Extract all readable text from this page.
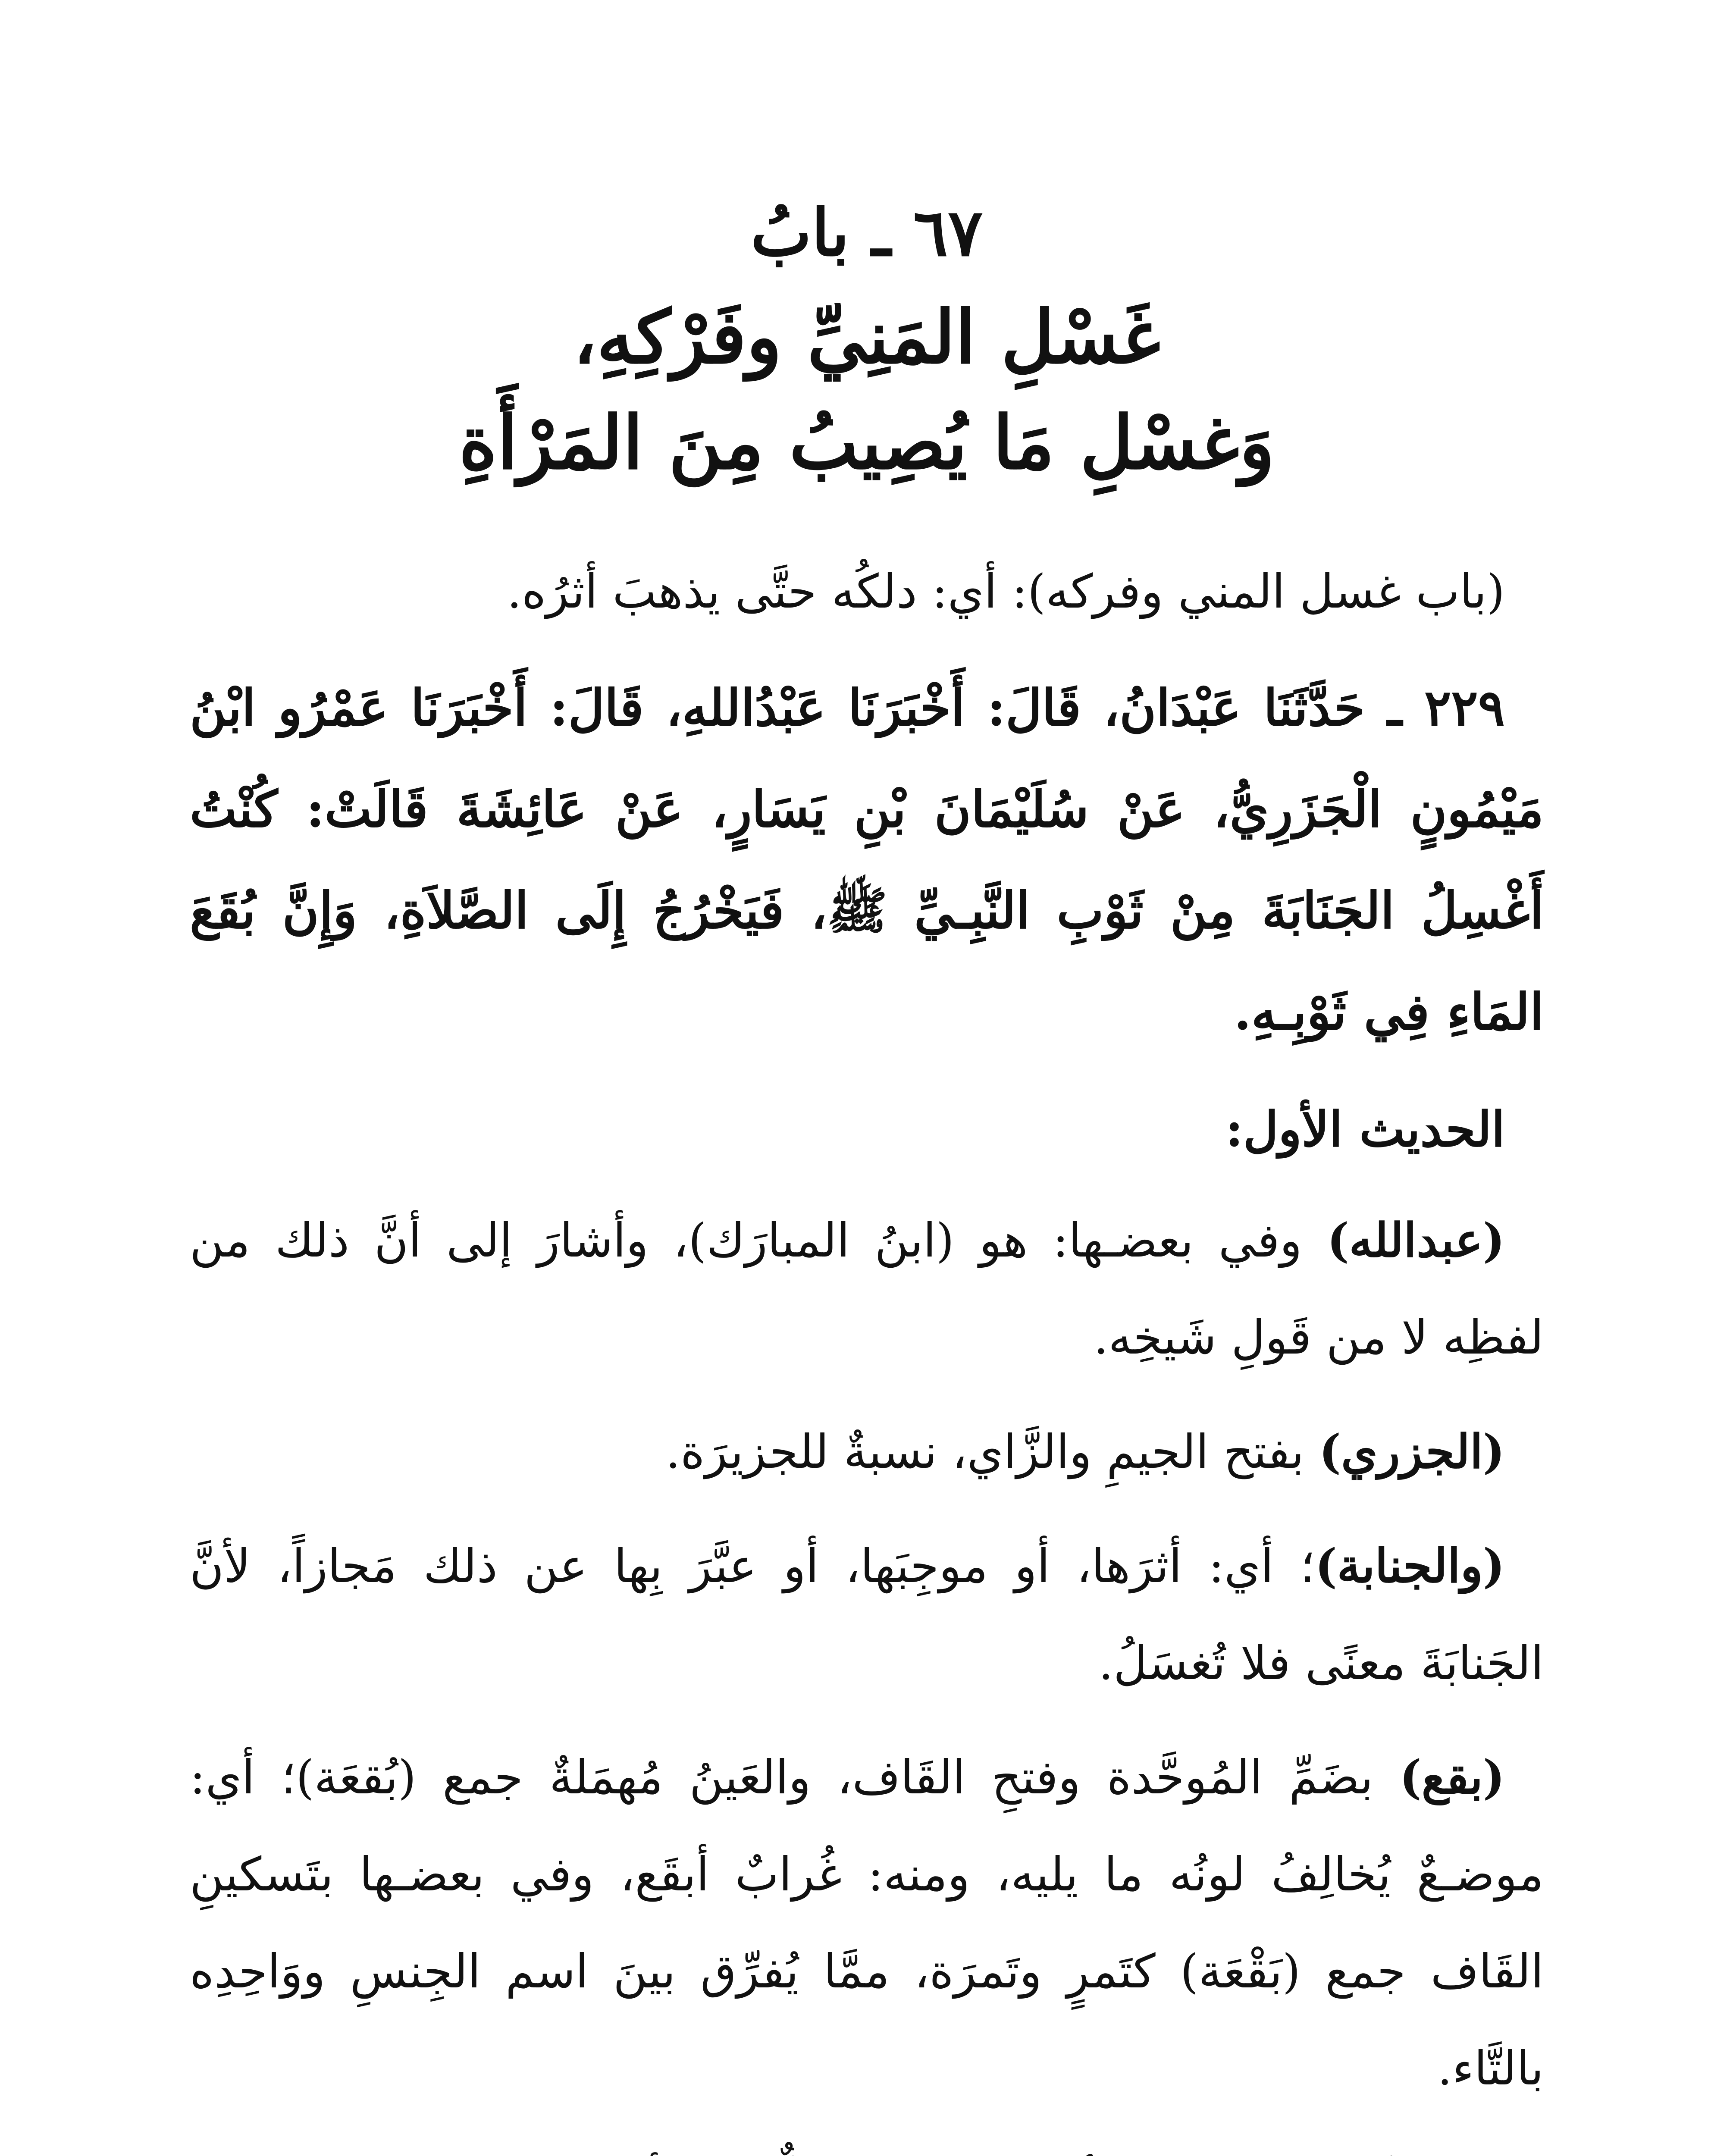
٦٧ ـ بابُ
غَسْلِ المَنِيِّ وفَرْكِهِ،
وَغسْلِ مَا يُصِيبُ مِنَ المَرْأَةِ

(باب غسل المني وفركه): أي: دلكُه حتَّى يذهبَ أثرُه.

٢٢٩ ـ حَدَّثَنَا عَبْدَانُ، قَالَ: أَخْبَرَنَا عَبْدُاللهِ، قَالَ: أَخْبَرَنَا عَمْرُو ابْنُ مَيْمُونٍ الْجَزَرِيُّ، عَنْ سُلَيْمَانَ بْنِ يَسَارٍ، عَنْ عَائِشَةَ قَالَتْ: كُنْتُ أَغْسِلُ الجَنَابَةَ مِنْ ثَوْبِ النَّبِـيِّ ﷺ، فَيَخْرُجُ إِلَى الصَّلاَةِ، وَإِنَّ بُقَعَ المَاءِ فِي ثَوْبِـهِ.

الحديث الأول:

(عبدالله) وفي بعضـها: هو (ابنُ المبارَك)، وأشارَ إلى أنَّ ذلك من لفظِه لا من قَولِ شَيخِه.

(الجزري) بفتح الجيمِ والزَّاي، نسبةٌ للجزيرَة.

(والجنابة)؛ أي: أثرَها، أو موجِبَها، أو عبَّرَ بِها عن ذلك مَجازاً، لأنَّ الجَنابَةَ معنًى فلا تُغسَلُ.

(بقع) بضَمِّ المُوحَّدة وفتحِ القَاف، والعَينُ مُهمَلةٌ جمع (بُقعَة)؛ أي: موضـعٌ يُخالِفُ لونُه ما يليه، ومنه: غُرابٌ أبقَع، وفي بعضـها بتَسكينِ القَاف جمع (بَقْعَة) كتَمرٍ وتَمرَة، ممَّا يُفرِّق بينَ اسم الجِنسِ ووَاحِدِه بالتَّاء.
